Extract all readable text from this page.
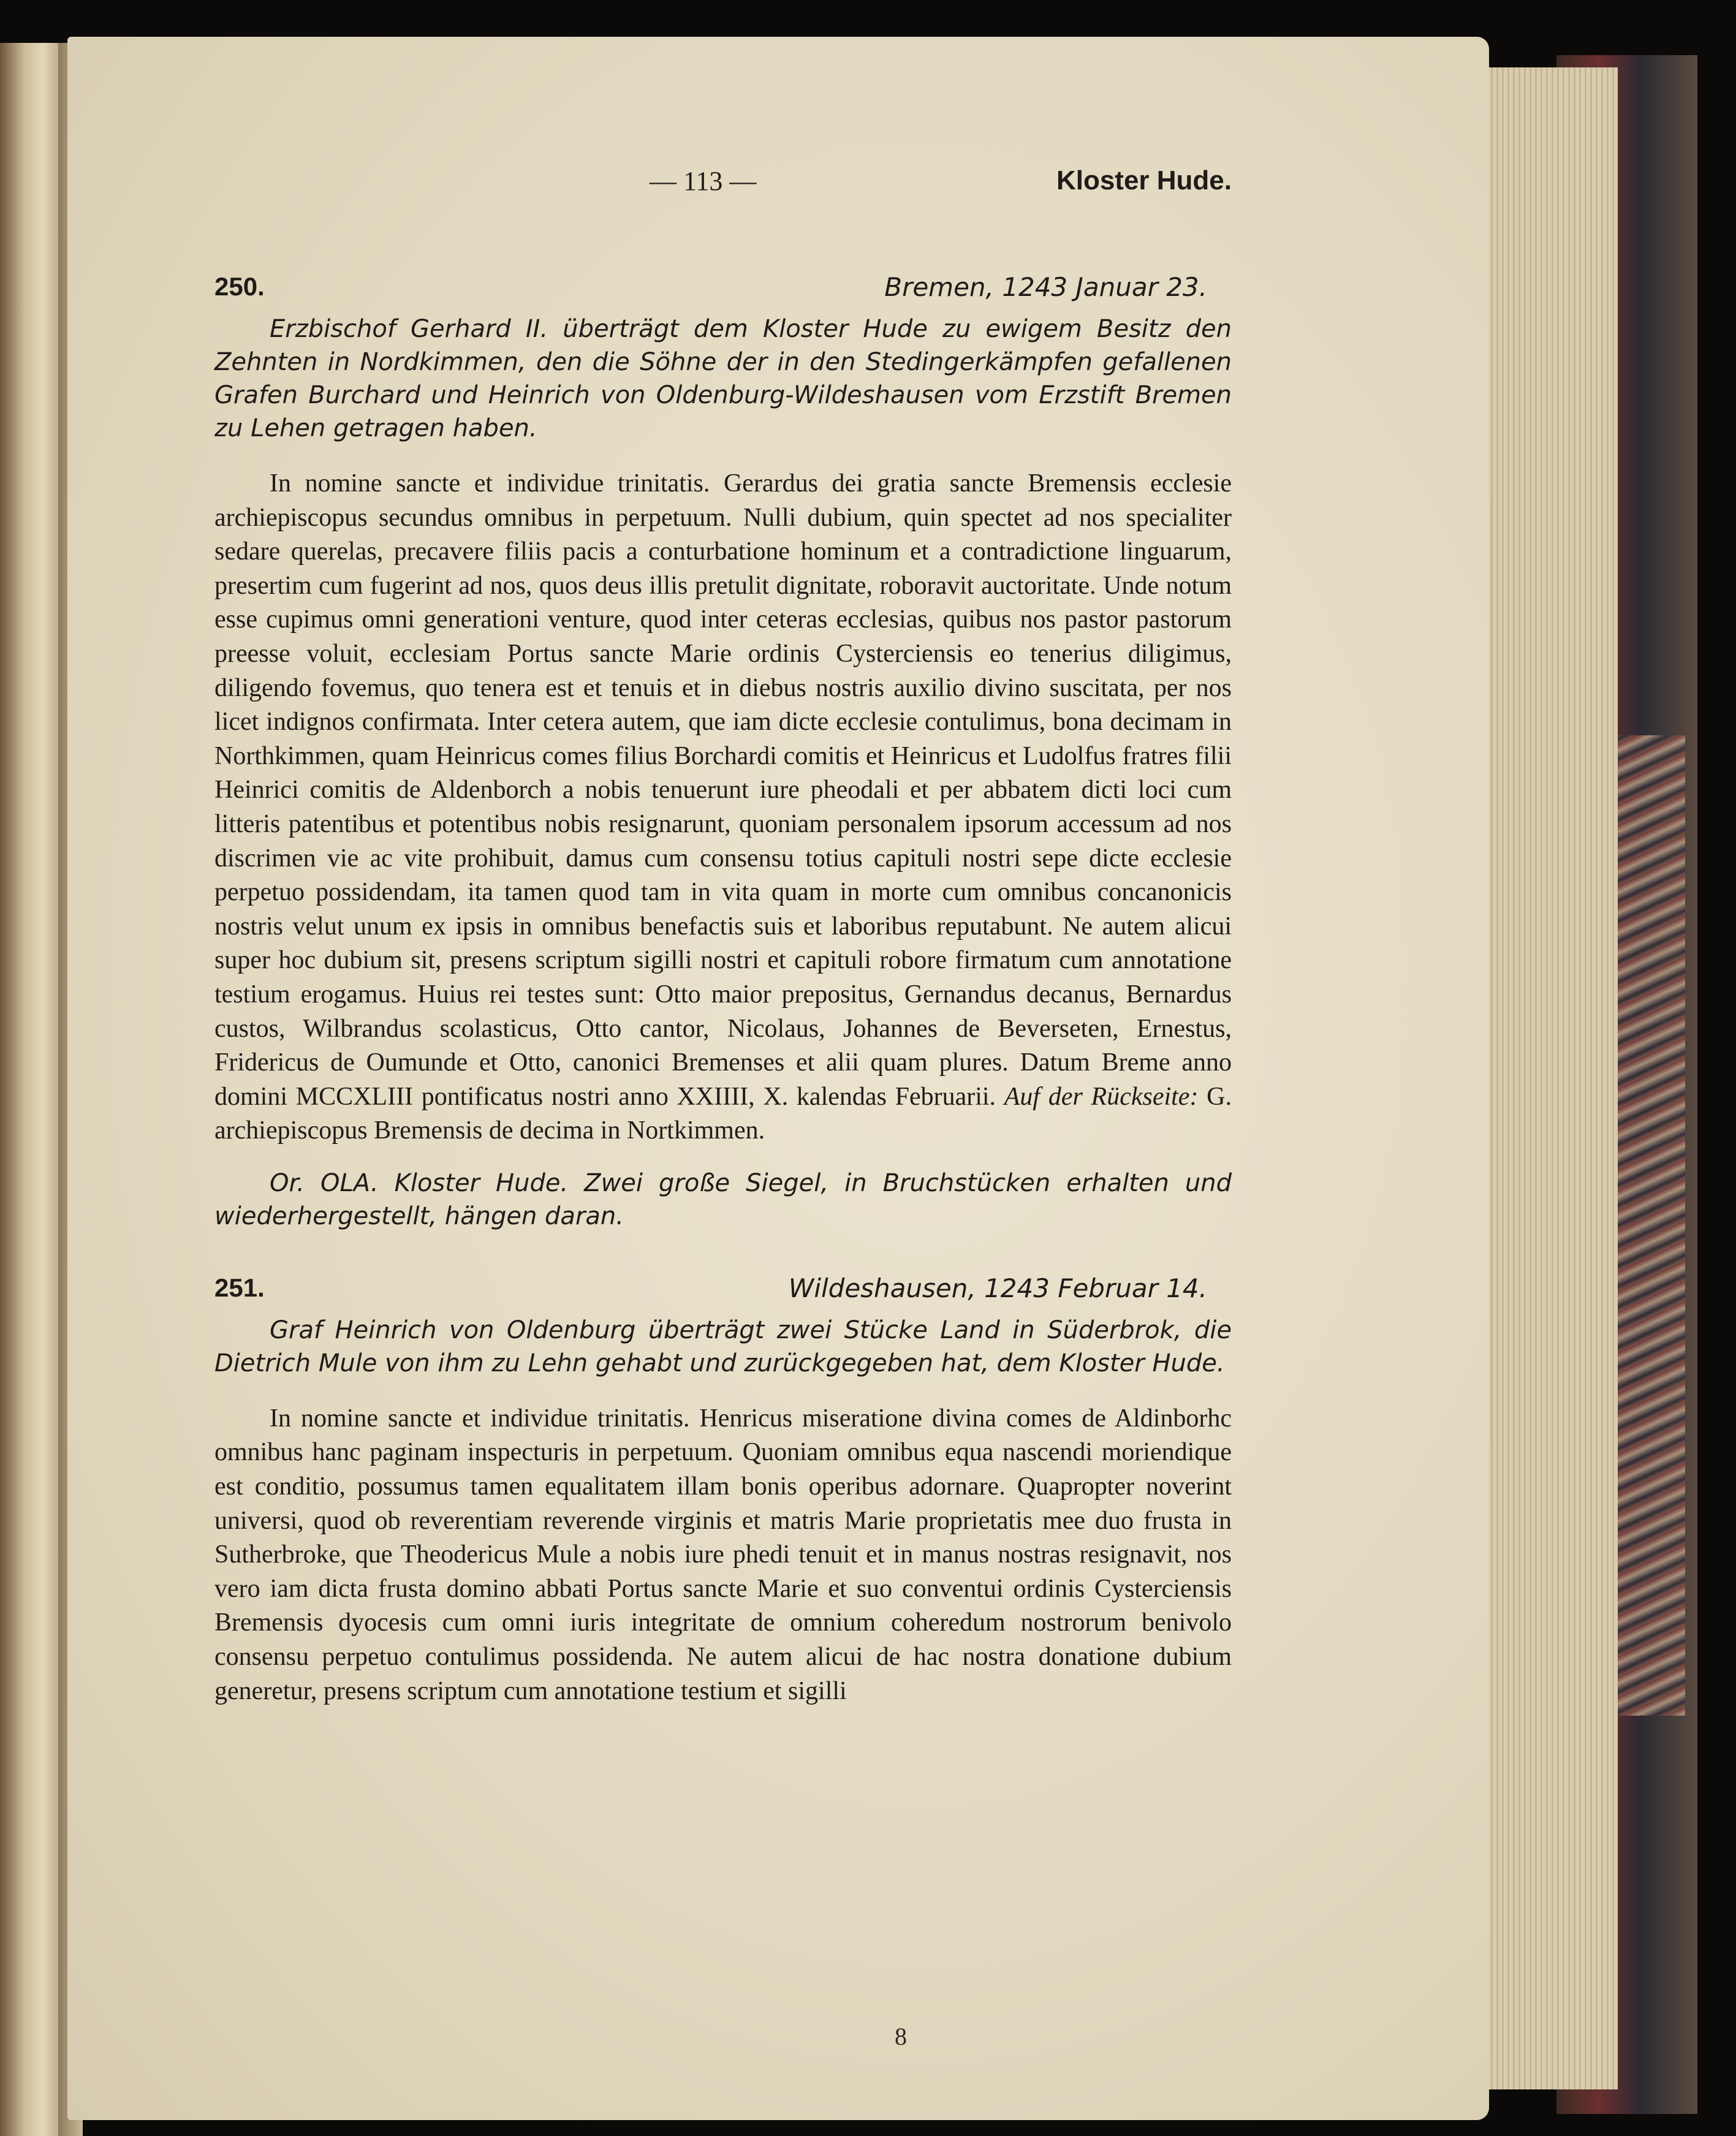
— 113 —	Kloster Hude.
250.	Bremen, 1243 Januar 23.

Erzbischof Gerhard II. überträgt dem Kloster Hude zu ewigem Besitz den Zehnten in Nordkimmen, den die Söhne der in den Stedingerkämpfen gefallenen Grafen Burchard und Heinrich von Oldenburg-Wildeshausen vom Erzstift Bremen zu Lehen getragen haben.

In nomine sancte et individue trinitatis. Gerardus dei gratia sancte Bremensis ecclesie archiepiscopus secundus omnibus in perpetuum. Nulli dubium, quin spectet ad nos specialiter sedare querelas, precavere filiis pacis a conturbatione hominum et a contradictione linguarum, presertim cum fugerint ad nos, quos deus illis pretulit dignitate, roboravit auctoritate. Unde notum esse cupimus omni generationi venture, quod inter ceteras ecclesias, quibus nos pastor pastorum preesse voluit, ecclesiam Portus sancte Marie ordinis Cysterciensis eo tenerius diligimus, diligendo fovemus, quo tenera est et tenuis et in diebus nostris auxilio divino suscitata, per nos licet indignos confirmata. Inter cetera autem, que iam dicte ecclesie contulimus, bona decimam in Northkimmen, quam Heinricus comes filius Borchardi comitis et Heinricus et Ludolfus fratres filii Heinrici comitis de Aldenborch a nobis tenuerunt iure pheodali et per abbatem dicti loci cum litteris patentibus et potentibus nobis resignarunt, quoniam personalem ipsorum accessum ad nos discrimen vie ac vite prohibuit, damus cum consensu totius capituli nostri sepe dicte ecclesie perpetuo possidendam, ita tamen quod tam in vita quam in morte cum omnibus concanonicis nostris velut unum ex ipsis in omnibus benefactis suis et laboribus reputabunt. Ne autem alicui super hoc dubium sit, presens scriptum sigilli nostri et capituli robore firmatum cum annotatione testium erogamus. Huius rei testes sunt: Otto maior prepositus, Gernandus decanus, Bernardus custos, Wilbrandus scolasticus, Otto cantor, Nicolaus, Johannes de Beverseten, Ernestus, Fridericus de Oumunde et Otto, canonici Bremenses et alii quam plures. Datum Breme anno domini MCCXLIII pontificatus nostri anno XXIIII, X. kalendas Februarii. Auf der Rückseite: G. archiepiscopus Bremensis de decima in Nortkimmen.

Or. OLA. Kloster Hude. Zwei große Siegel, in Bruchstücken erhalten und wiederhergestellt, hängen daran.

251.	Wildeshausen, 1243 Februar 14.

Graf Heinrich von Oldenburg überträgt zwei Stücke Land in Süderbrok, die Dietrich Mule von ihm zu Lehn gehabt und zurückgegeben hat, dem Kloster Hude.

In nomine sancte et individue trinitatis. Henricus miseratione divina comes de Aldinborhc omnibus hanc paginam inspecturis in perpetuum. Quoniam omnibus equa nascendi moriendique est conditio, possumus tamen equalitatem illam bonis operibus adornare. Quapropter noverint universi, quod ob reverentiam reverende virginis et matris Marie proprietatis mee duo frusta in Sutherbroke, que Theodericus Mule a nobis iure phedi tenuit et in manus nostras resignavit, nos vero iam dicta frusta domino abbati Portus sancte Marie et suo conventui ordinis Cysterciensis Bremensis dyocesis cum omni iuris integritate de omnium coheredum nostrorum benivolo consensu perpetuo contulimus possidenda. Ne autem alicui de hac nostra donatione dubium generetur, presens scriptum cum annotatione testium et sigilli

8
